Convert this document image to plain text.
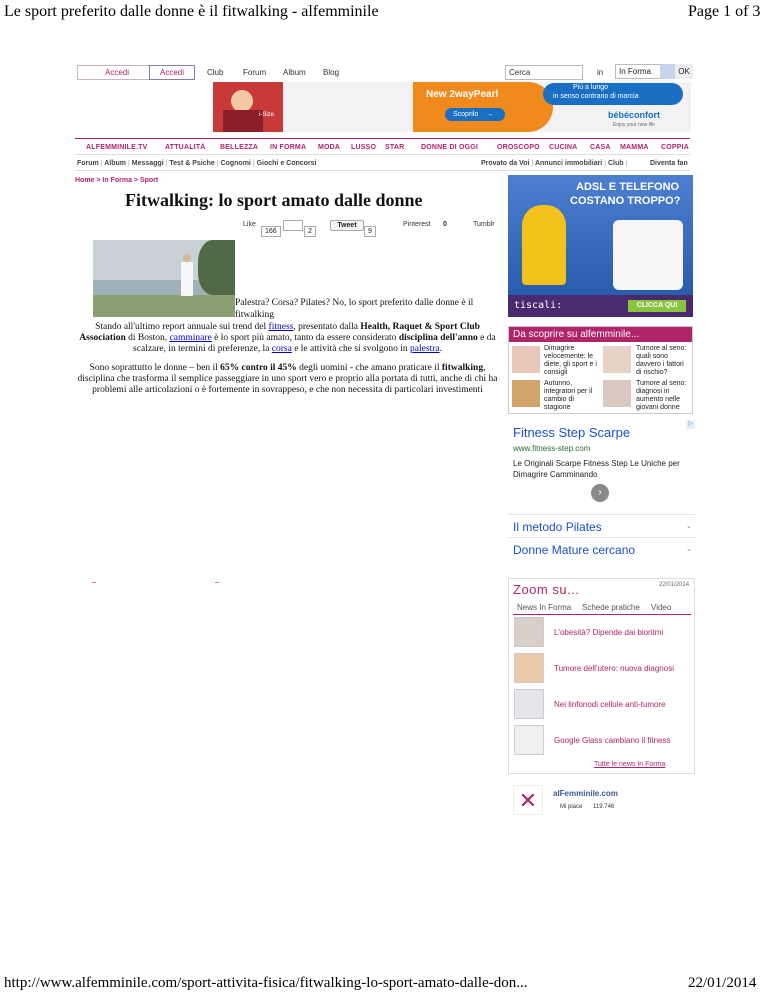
Le sport preferito dalle donne è il fitwalking - alfemminile	Page 1 of 3
http://www.alfemminile.com/sport-attivita-fisica/fitwalking-lo-sport-amato-dalle-don...	22/01/2014
Accedi	Accedi	Club Forum Album Blog	Cerca	in	In Forma	OK
i-Size
New 2wayPearl
Scoprilo →
Più a lungo
in senso contrario di marcia
bébéconfort
Enjoy your new life
ALFEMMINILE.TV ATTUALITÀ BELLEZZA IN FORMA MODA LUSSO STAR DONNE DI OGGI	OROSCOPO CUCINA CASA MAMMA COPPIA
Forum | Album | Messaggi | Test & Psiche | Cognomi | Giochi e Concorsi	Provato da Voi | Annunci immobiliari | Club |	Diventa fan
Home > In Forma > Sport
Fitwalking: lo sport amato dalle donne
Like
166	2
Tweet
9
Pinterest 0	Tumblr

Palestra? Corsa? Pilates? No, lo sport preferito dalle donne è il fitwalking

Stando all'ultimo report annuale sui trend del fitness, presentato dalla Health, Raquet & Sport Club Association di Boston, camminare è lo sport più amato, tanto da essere considerato disciplina dell'anno e da scalzare, in termini di preferenze, la corsa e le attività che si svolgono in palestra.

Sono soprattutto le donne – ben il 65% contro il 45% degli uomini - che amano praticare il fitwalking, disciplina che trasforma il semplice passeggiare in uno sport vero e proprio alla portata di tutti, anche di chi ha problemi alle articolazioni o è fortemente in sovrappeso, e che non necessita di particolari investimenti

ADSL E TELEFONO
COSTANO TROPPO?
tiscali:	CLICCA QUI
Da scoprire su alfemminile...
Dimagrire velocemente: le diete, gli sport e i consigli
Tumore al seno: quali sono davvero i fattori di rischio?
Autunno, integratori per il cambio di stagione
Tumore al seno: diagnosi in aumento nelle giovani donne
▷
Fitness Step Scarpe
www.fitness-step.com
Le Originali Scarpe Fitness Step Le Uniche per Dimagrire Camminando
›
Il metodo Pilates	⌄
Donne Mature cercano	⌄
Zoom su...	22/01/2014
News In Forma Schede pratiche Video
L'obesità? Dipende dai bioritmi
Tumore dell'utero: nuova diagnosi
Nei linfonodi cellule anti-tumore
Google Glass cambiano il fitness
Tutte le news In Forma
✕	alFemminile.com
Mi piace 119.746
